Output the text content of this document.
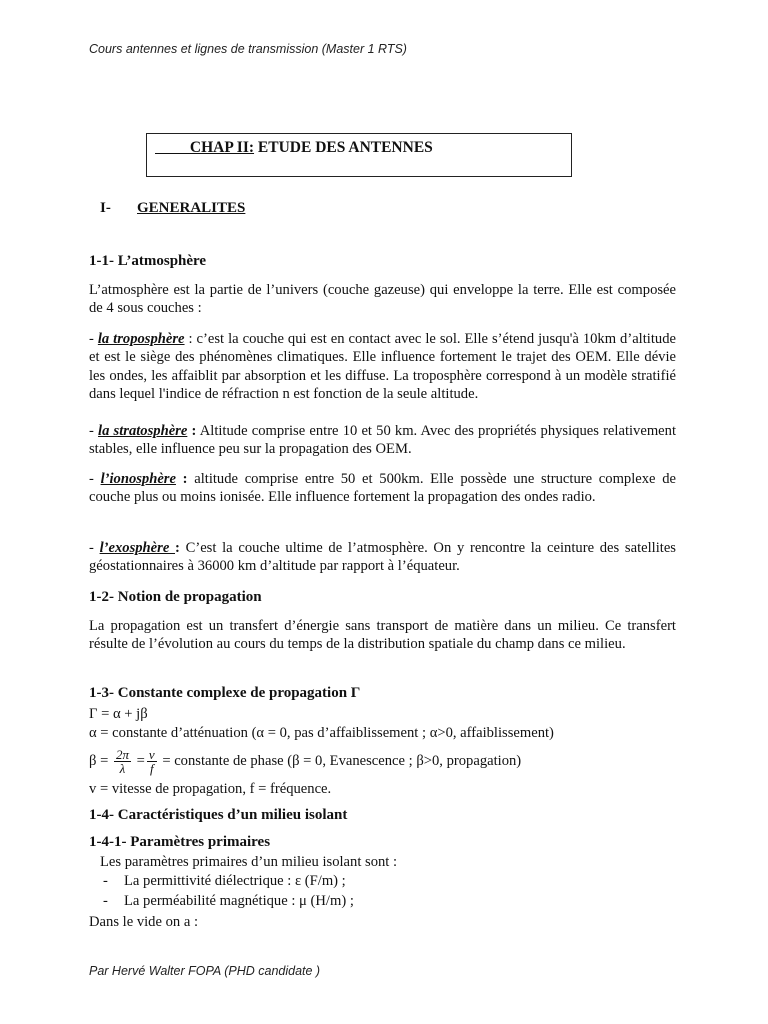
Cours antennes et lignes de transmission (Master 1 RTS)
CHAP II: ETUDE DES ANTENNES
I- GENERALITES
1-1- L’atmosphère
L’atmosphère est la partie de l’univers (couche gazeuse) qui enveloppe la terre. Elle est composée de 4 sous couches :
- la troposphère : c’est la couche qui est en contact avec le sol. Elle s’étend jusqu'à 10km d’altitude et est le siège des phénomènes climatiques. Elle influence fortement le trajet des OEM. Elle dévie les ondes, les affaiblit par absorption et les diffuse. La troposphère correspond à un modèle stratifié dans lequel l'indice de réfraction n est fonction de la seule altitude.
- la stratosphère : Altitude comprise entre 10 et 50 km. Avec des propriétés physiques relativement stables, elle influence peu sur la propagation des OEM.
- l’ionosphère : altitude comprise entre 50 et 500km. Elle possède une structure complexe de couche plus ou moins ionisée. Elle influence fortement la propagation des ondes radio.
- l’exosphère : C’est la couche ultime de l’atmosphère. On y rencontre la ceinture des satellites géostationnaires à 36000 km d’altitude par rapport à l’équateur.
1-2- Notion de propagation
La propagation est un transfert d’énergie sans transport de matière dans un milieu. Ce transfert résulte de l’évolution au cours du temps de la distribution spatiale du champ dans ce milieu.
1-3- Constante complexe de propagation Γ
Γ = α + jβ
α = constante d’atténuation (α = 0, pas d’affaiblissement ; α>0, affaiblissement)
$\beta = \frac{2\pi}{\lambda} = \frac{v}{f}$ = constante de phase (β = 0, Evanescence ; β>0, propagation)
v = vitesse de propagation, f = fréquence.
1-4- Caractéristiques d’un milieu isolant
1-4-1- Paramètres primaires
Les paramètres primaires d’un milieu isolant sont :
- La permittivité diélectrique : ε (F/m) ;
- La perméabilité magnétique : μ (H/m) ;
Dans le vide on a :
Par Hervé Walter FOPA (PHD candidate )
